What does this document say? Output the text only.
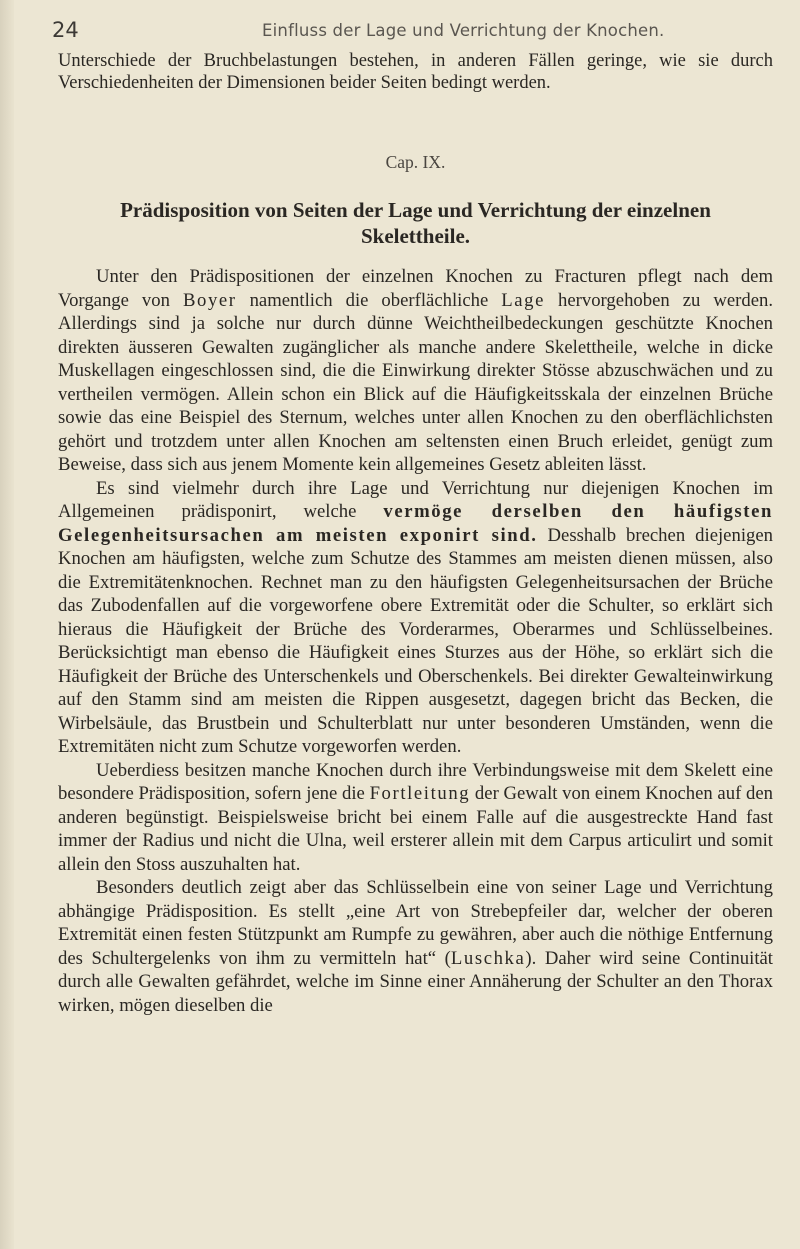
24	Einfluss der Lage und Verrichtung der Knochen.

Unterschiede der Bruchbelastungen bestehen, in anderen Fällen geringe, wie sie durch Verschiedenheiten der Dimensionen beider Seiten bedingt werden.

Cap. IX.
Prädisposition von Seiten der Lage und Verrichtung der einzelnen Skelettheile.

Unter den Prädispositionen der einzelnen Knochen zu Fracturen pflegt nach dem Vorgange von Boyer namentlich die oberflächliche Lage hervorgehoben zu werden. Allerdings sind ja solche nur durch dünne Weichtheilbedeckungen geschützte Knochen direkten äusseren Gewalten zugänglicher als manche andere Skelettheile, welche in dicke Muskellagen eingeschlossen sind, die die Einwirkung direkter Stösse abzuschwächen und zu vertheilen vermögen. Allein schon ein Blick auf die Häufigkeitsskala der einzelnen Brüche sowie das eine Beispiel des Sternum, welches unter allen Knochen zu den oberflächlichsten gehört und trotzdem unter allen Knochen am seltensten einen Bruch erleidet, genügt zum Beweise, dass sich aus jenem Momente kein allgemeines Gesetz ableiten lässt.

Es sind vielmehr durch ihre Lage und Verrichtung nur diejenigen Knochen im Allgemeinen prädisponirt, welche vermöge derselben den häufigsten Gelegenheitsursachen am meisten exponirt sind. Desshalb brechen diejenigen Knochen am häufigsten, welche zum Schutze des Stammes am meisten dienen müssen, also die Extremitätenknochen. Rechnet man zu den häufigsten Gelegenheitsursachen der Brüche das Zubodenfallen auf die vorgeworfene obere Extremität oder die Schulter, so erklärt sich hieraus die Häufigkeit der Brüche des Vorderarmes, Oberarmes und Schlüsselbeines. Berücksichtigt man ebenso die Häufigkeit eines Sturzes aus der Höhe, so erklärt sich die Häufigkeit der Brüche des Unterschenkels und Oberschenkels. Bei direkter Gewalteinwirkung auf den Stamm sind am meisten die Rippen ausgesetzt, dagegen bricht das Becken, die Wirbelsäule, das Brustbein und Schulterblatt nur unter besonderen Umständen, wenn die Extremitäten nicht zum Schutze vorgeworfen werden.

Ueberdiess besitzen manche Knochen durch ihre Verbindungsweise mit dem Skelett eine besondere Prädisposition, sofern jene die Fortleitung der Gewalt von einem Knochen auf den anderen begünstigt. Beispielsweise bricht bei einem Falle auf die ausgestreckte Hand fast immer der Radius und nicht die Ulna, weil ersterer allein mit dem Carpus articulirt und somit allein den Stoss auszuhalten hat.

Besonders deutlich zeigt aber das Schlüsselbein eine von seiner Lage und Verrichtung abhängige Prädisposition. Es stellt „eine Art von Strebepfeiler dar, welcher der oberen Extremität einen festen Stützpunkt am Rumpfe zu gewähren, aber auch die nöthige Entfernung des Schultergelenks von ihm zu vermitteln hat“ (Luschka). Daher wird seine Continuität durch alle Gewalten gefährdet, welche im Sinne einer Annäherung der Schulter an den Thorax wirken, mögen dieselben die
